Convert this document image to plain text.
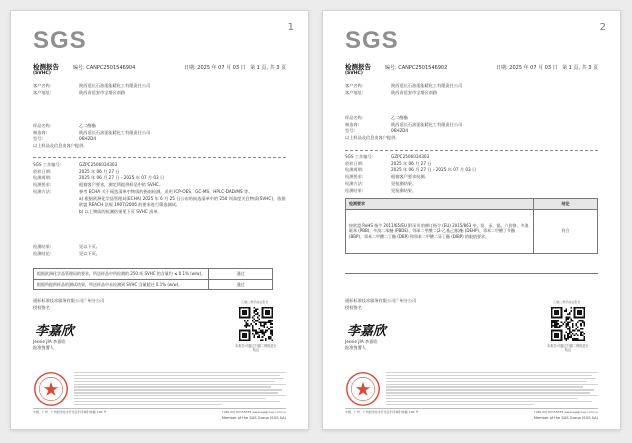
1
SGS
检测报告
(SVHC)
编号: CANPC2501546904	日期: 2025 年 07 月 03 日 第 1 页, 共 3 页
客户名称:	陕西延长石油延能精化工有限责任公司
客户地址:	陕西省延安市宝塔区南路
样品名称:	乙二醇酯
制造商:	陕西延长石油延能精化工有限责任公司
型号:	06H2D4
以上样品及信息由客户提供。
SGS 工作编号:	GZPC2506034303
收样日期:	2025 年 06 月 27 日
检测周期:	2025 年 06 月 27 日 - 2025 年 07 月 03 日
检测要求:	根据客户要求，测定所提供样品中的 SVHC。
检测方法:	参考 ECHA 关于候选清单中物质的指南检测，采用 ICP-OES、GC-MS、HPLC-DAD/MS 等。
a) 根据欧洲化学品管理局(ECHA) 2025 年 6 月 25 日公布的候选清单中的 250 项高度关注物质(SVHC)，依据欧盟 REACH 法规 1907/2006 的要求进行筛选测试。
b) 以上物质的检测结果见下页 SVHC 清单。
检测结果:	见以下页。
检测结论:	见以下页。
根据欧洲化学品管理局的要求，所送样品中所检测的 250 项 SVHC 的含量均 ≤ 0.1% (w/w)。	通过
根据所提供样品的测试结果，所送样品中未检测到 SVHC 含量超过 0.1% (w/w)。	通过
通标标准技术服务有限公司广州分公司
授权签名
李嘉欣
Jessie JIA 李嘉欣
批准签署人
扫描二维码验证报告
本报告可通过扫描二维码进行验证
中国 · 广州 · 广州经济技术开发区科学城科珠路 198 号	t (86-20) 82155555 www.sgsgroup.com.cn
Member of the SGS Group (SGS SA)
2
SGS
检测报告
(SVHC)
编号: CANPC2501546902	日期: 2025 年 07 月 03 日 第 1 页, 共 3 页
客户名称:	陕西延长石油延能精化工有限责任公司
客户地址:	陕西省延安市宝塔区南路
样品名称:	乙二醇酯
制造商:	陕西延长石油延能精化工有限责任公司
型号:	06H2D4
以上样品及信息由客户提供。
SGS 工作编号:	GZPC2506034303
收样日期:	2025 年 06 月 27 日
检测周期:	2025 年 06 月 27 日 - 2025 年 07 月 03 日
检测要求:	根据客户要求检测。
检测方法:	见检测结果。
检测结果:	见检测结果。
检测要求	结论
按欧盟 RoHS 指令 2011/65/EU 附录 II 的修订指令 (EU) 2015/863 中，铅、汞、镉、六价铬、多溴联苯 (PBB)、多溴二苯醚 (PBDE)、邻苯二甲酸二(2-乙基己基)酯 (DEHP)、邻苯二甲酸丁苄酯 (BBP)、邻苯二甲酸二丁酯 (DBP) 和邻苯二甲酸二异丁酯 (DIBP) 的限值要求。	符合
通标标准技术服务有限公司广州分公司
授权签名
李嘉欣
Jessie JIA 李嘉欣
批准签署人
扫描二维码验证报告
本报告可通过扫描二维码进行验证
中国 · 广州 · 广州经济技术开发区科学城科珠路 198 号	t (86-20) 82155555 www.sgsgroup.com.cn
Member of the SGS Group (SGS SA)
